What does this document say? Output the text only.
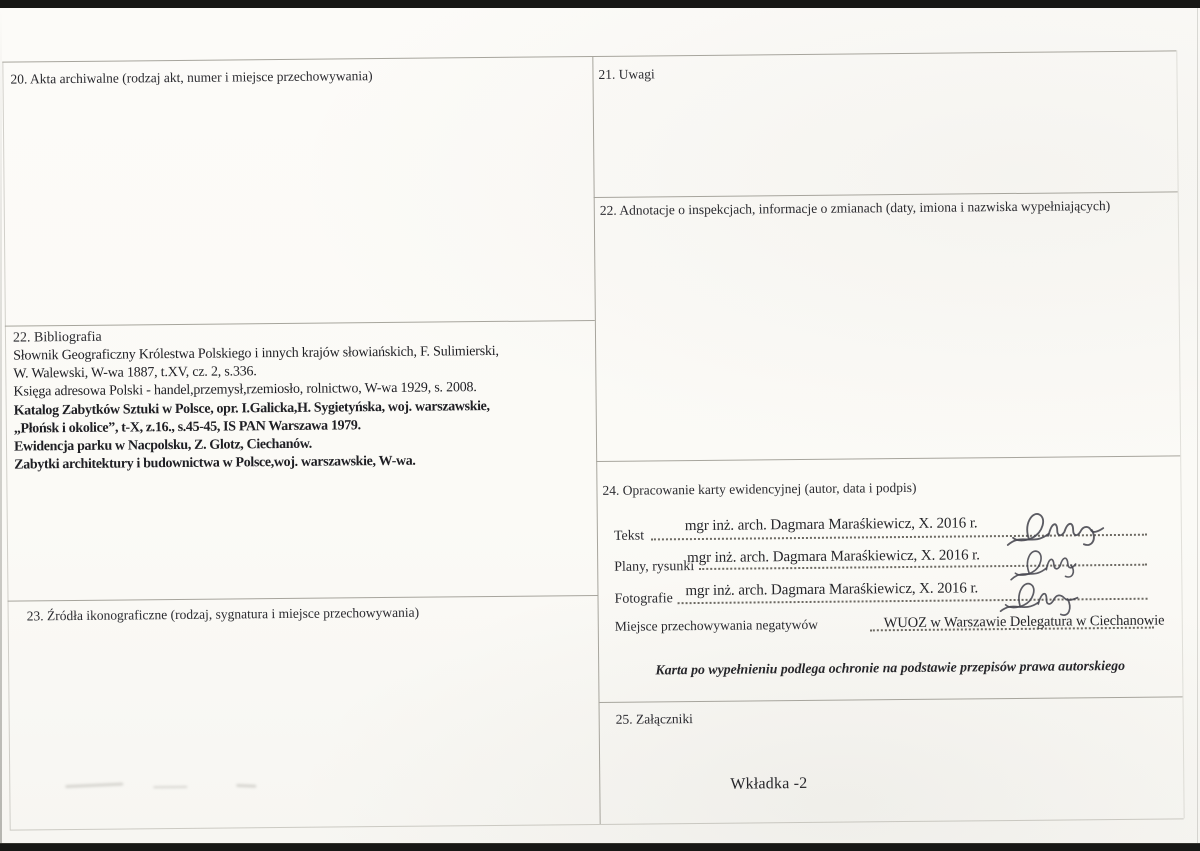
20. Akta archiwalne (rodzaj akt, numer i miejsce przechowywania)	21. Uwagi
22. Adnotacje o inspekcjach, informacje o zmianach (daty, imiona i nazwiska wypełniających)
22. Bibliografia
23. Źródła ikonograficzne (rodzaj, sygnatura i miejsce przechowywania)
24. Opracowanie karty ewidencyjnej (autor, data i podpis)
25. Załączniki
Słownik Geograficzny Królestwa Polskiego i innych krajów słowiańskich, F. Sulimierski,
W. Walewski, W-wa 1887, t.XV, cz. 2, s.336.
Księga adresowa Polski - handel,przemysł,rzemiosło, rolnictwo, W-wa 1929, s. 2008.
Katalog Zabytków Sztuki w Polsce, opr. I.Galicka,H. Sygietyńska, woj. warszawskie,
„Płońsk i okolice”, t-X, z.16., s.45-45, IS PAN Warszawa 1979.
Ewidencja parku w Nacpolsku, Z. Glotz, Ciechanów.
Zabytki architektury i budownictwa w Polsce,woj. warszawskie, W-wa.
Tekst
mgr inż. arch. Dagmara Maraśkiewicz, X. 2016 r.
Plany, rysunki
mgr inż. arch. Dagmara Maraśkiewicz, X. 2016 r.
Fotografie mgr inż. arch. Dagmara Maraśkiewicz, X. 2016 r.
Miejsce przechowywania negatywów	WUOZ w Warszawie Delegatura w Ciechanowie
Karta po wypełnieniu podlega ochronie na podstawie przepisów prawa autorskiego
Wkładka -2
